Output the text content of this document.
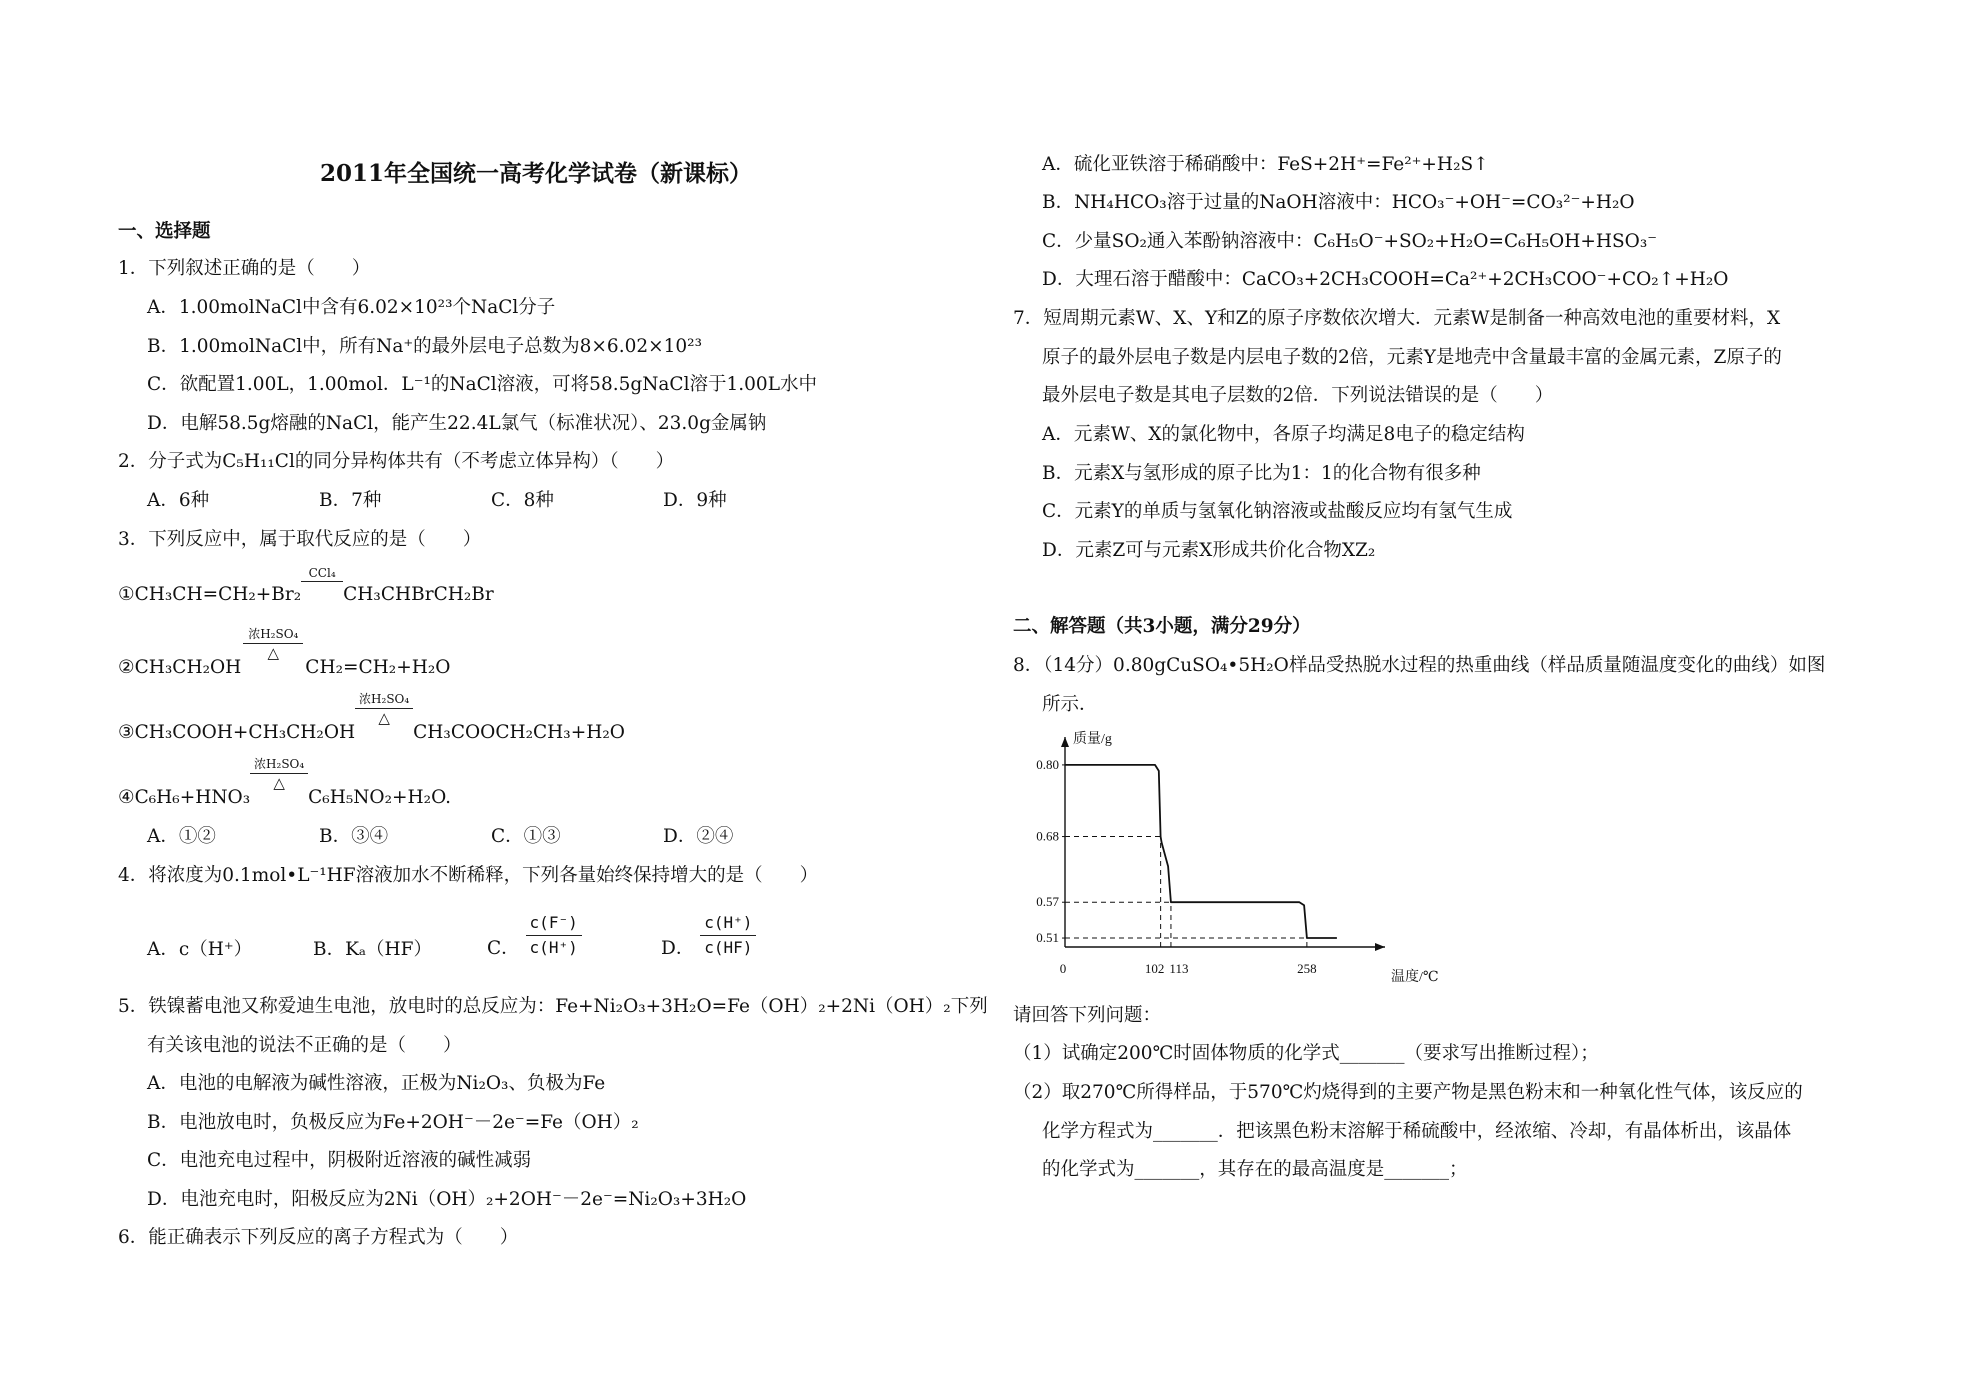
2011年全国统一高考化学试卷（新课标）
一、选择题
1．下列叙述正确的是（　　）
A．1.00molNaCl中含有6.02×10²³个NaCl分子
B．1.00molNaCl中，所有Na⁺的最外层电子总数为8×6.02×10²³
C．欲配置1.00L，1.00mol．L⁻¹的NaCl溶液，可将58.5gNaCl溶于1.00L水中
D．电解58.5g熔融的NaCl，能产生22.4L氯气（标准状况）、23.0g金属钠
2．分子式为C₅H₁₁Cl的同分异构体共有（不考虑立体异构）（　　）
A．6种	B．7种	C．8种	D．9种
3．下列反应中，属于取代反应的是（　　）
①CH₃CH=CH₂+Br₂
CCl₄
CH₃CHBrCH₂Br
②CH₃CH₂OH
浓H₂SO₄
△
CH₂=CH₂+H₂O
③CH₃COOH+CH₃CH₂OH
浓H₂SO₄
△
CH₃COOCH₂CH₃+H₂O
④C₆H₆+HNO₃
浓H₂SO₄
△
C₆H₅NO₂+H₂O.
A．①②	B．③④	C．①③	D．②④
4．将浓度为0.1mol•L⁻¹HF溶液加水不断稀释，下列各量始终保持增大的是（　　）
A．c（H⁺）	B．Kₐ（HF）	C． $\frac{c(F^-)}{c(H^+)}$	D． $\frac{c(H^+)}{c(HF)}$
5．铁镍蓄电池又称爱迪生电池，放电时的总反应为：Fe+Ni₂O₃+3H₂O=Fe（OH）₂+2Ni（OH）₂下列
有关该电池的说法不正确的是（　　）
A．电池的电解液为碱性溶液，正极为Ni₂O₃、负极为Fe
B．电池放电时，负极反应为Fe+2OH⁻－2e⁻=Fe（OH）₂
C．电池充电过程中，阴极附近溶液的碱性减弱
D．电池充电时，阳极反应为2Ni（OH）₂+2OH⁻－2e⁻=Ni₂O₃+3H₂O
6．能正确表示下列反应的离子方程式为（　　）
A．硫化亚铁溶于稀硝酸中：FeS+2H⁺=Fe²⁺+H₂S↑
B．NH₄HCO₃溶于过量的NaOH溶液中：HCO₃⁻+OH⁻=CO₃²⁻+H₂O
C．少量SO₂通入苯酚钠溶液中：C₆H₅O⁻+SO₂+H₂O=C₆H₅OH+HSO₃⁻
D．大理石溶于醋酸中：CaCO₃+2CH₃COOH=Ca²⁺+2CH₃COO⁻+CO₂↑+H₂O
7．短周期元素W、X、Y和Z的原子序数依次增大．元素W是制备一种高效电池的重要材料，X
原子的最外层电子数是内层电子数的2倍，元素Y是地壳中含量最丰富的金属元素，Z原子的
最外层电子数是其电子层数的2倍．下列说法错误的是（　　）
A．元素W、X的氯化物中，各原子均满足8电子的稳定结构
B．元素X与氢形成的原子比为1：1的化合物有很多种
C．元素Y的单质与氢氧化钠溶液或盐酸反应均有氢气生成
D．元素Z可与元素X形成共价化合物XZ₂
二、解答题（共3小题，满分29分）
8．（14分）0.80gCuSO₄•5H₂O样品受热脱水过程的热重曲线（样品质量随温度变化的曲线）如图
所示．
质量/g
温度/℃
0
0.80
0.68
0.57
0.51
102 113	258
请回答下列问题：
（1）试确定200℃时固体物质的化学式_______（要求写出推断过程）；
（2）取270℃所得样品，于570℃灼烧得到的主要产物是黑色粉末和一种氧化性气体，该反应的
化学方程式为_______．把该黑色粉末溶解于稀硫酸中，经浓缩、冷却，有晶体析出，该晶体
的化学式为_______，其存在的最高温度是_______；
